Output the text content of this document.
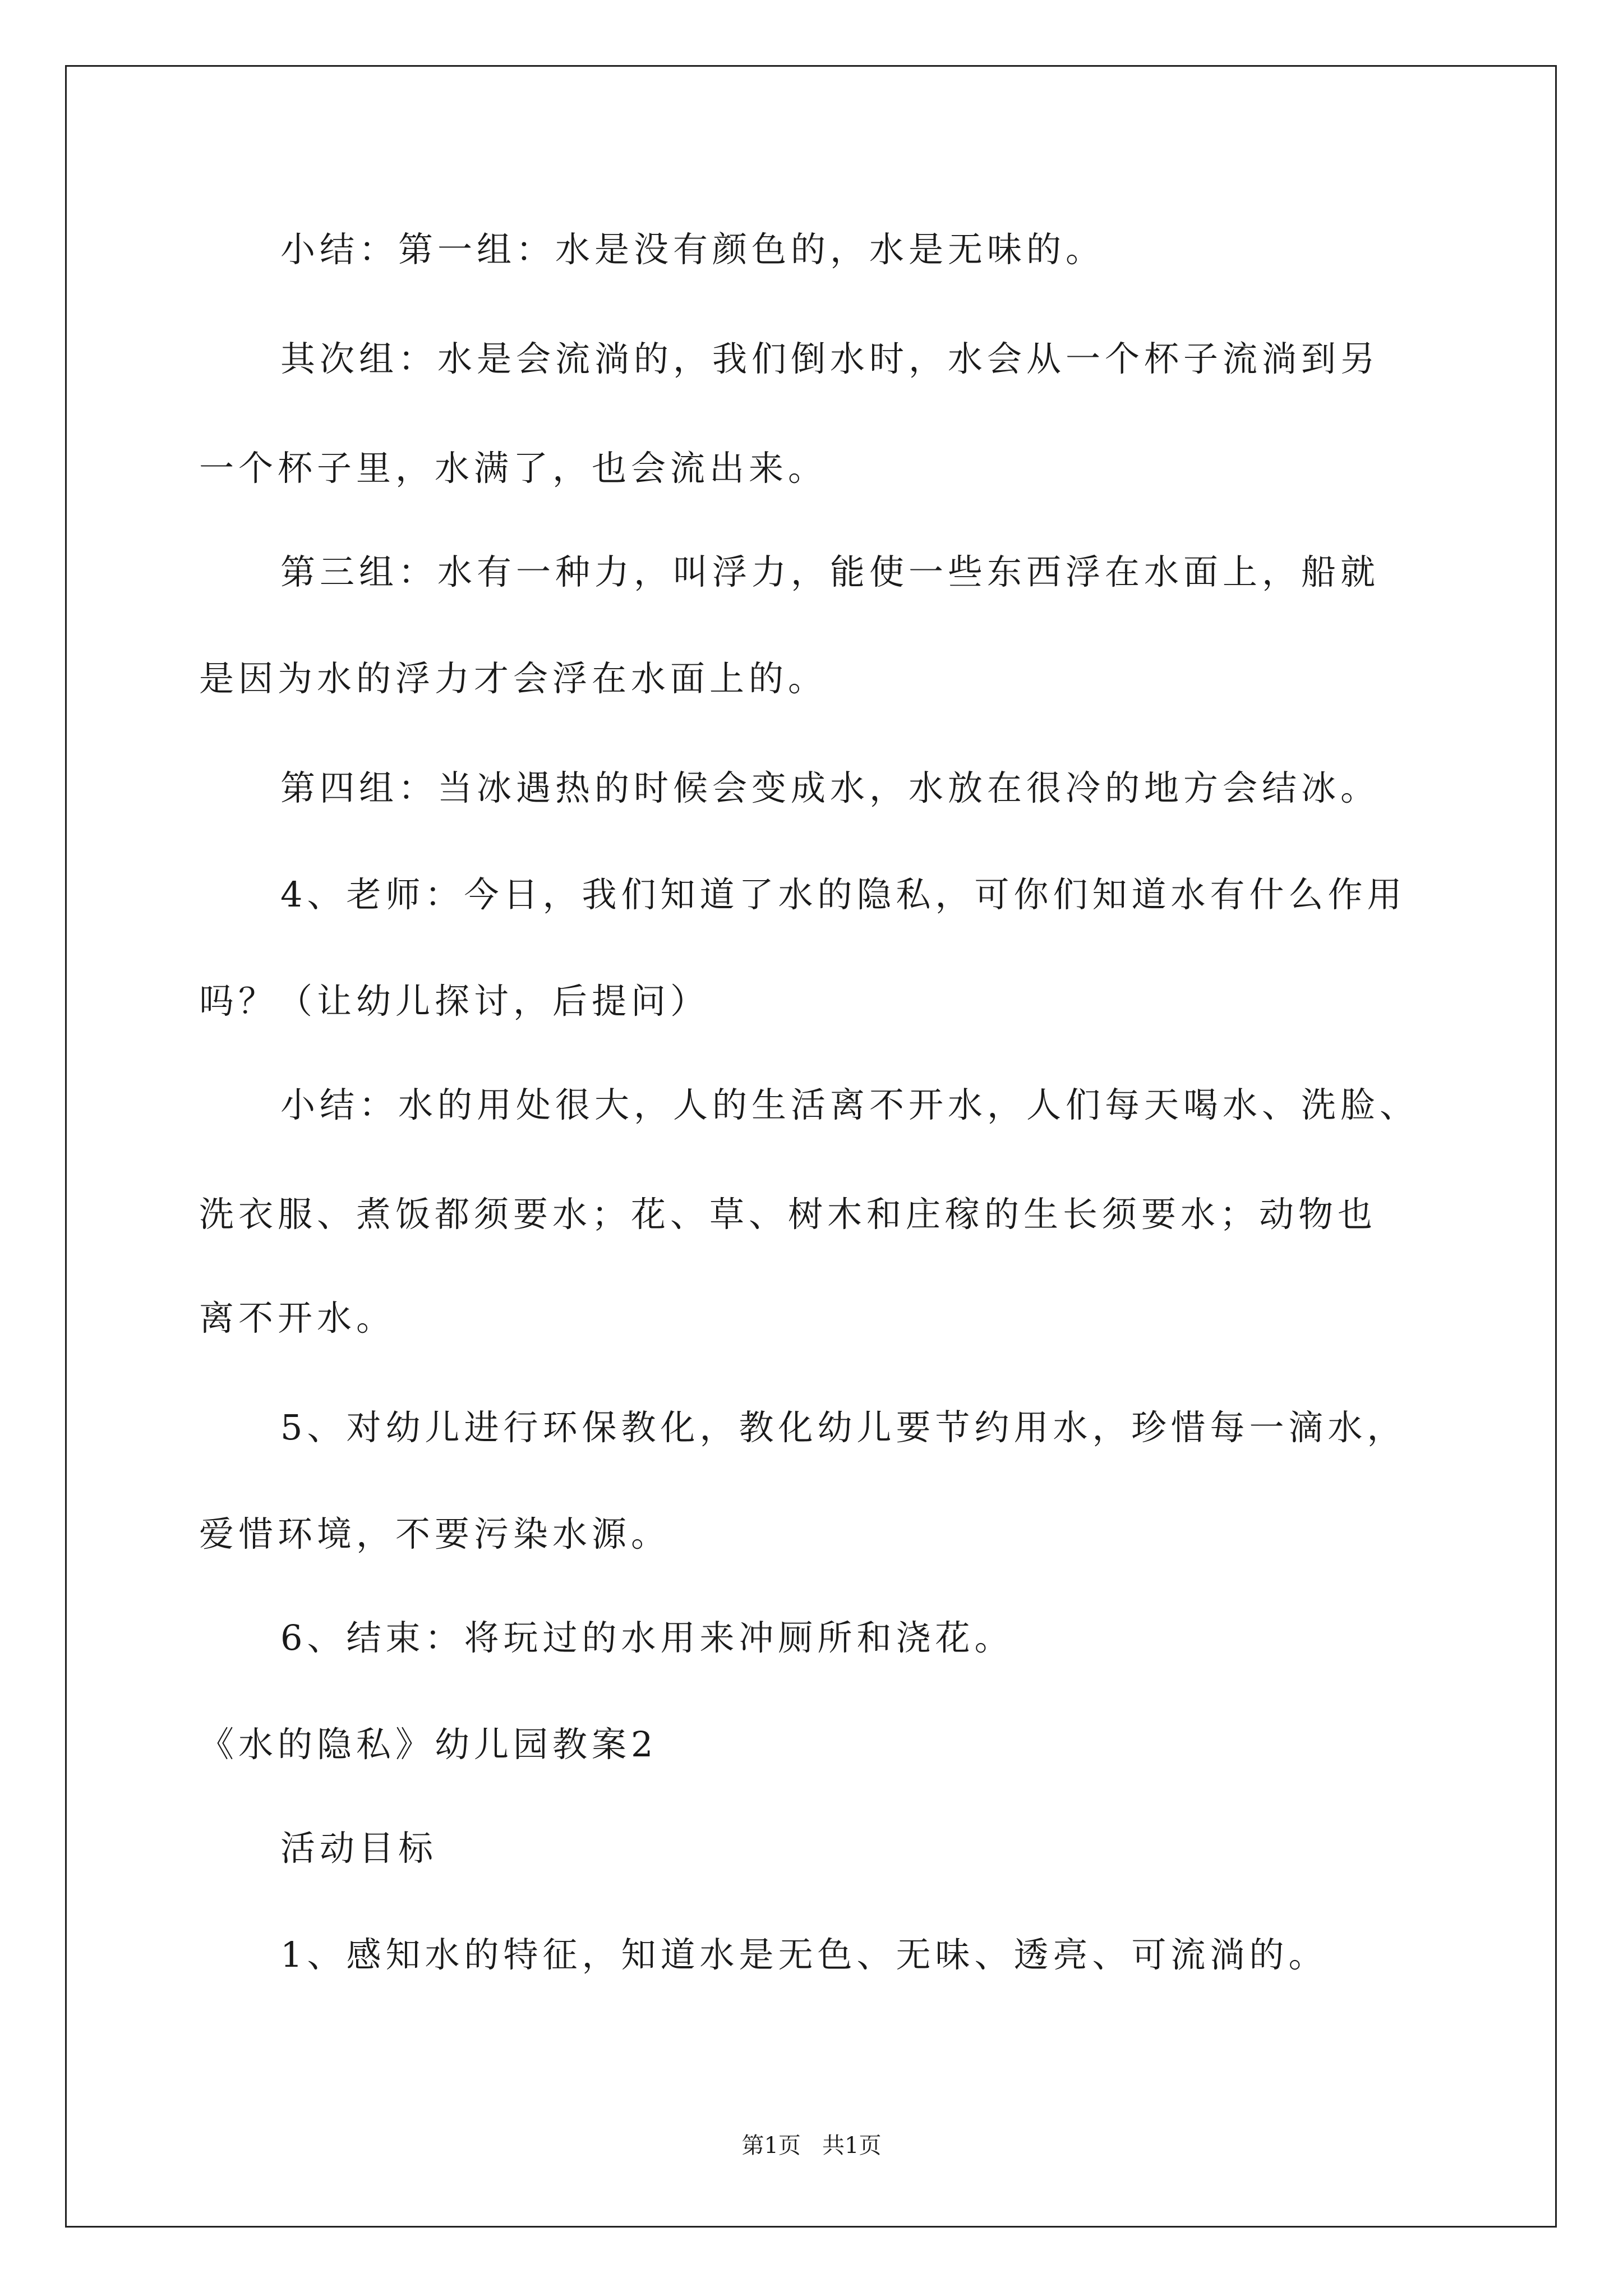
小结：第一组：水是没有颜色的，水是无味的。
其次组：水是会流淌的，我们倒水时，水会从一个杯子流淌到另
一个杯子里，水满了，也会流出来。
第三组：水有一种力，叫浮力，能使一些东西浮在水面上，船就
是因为水的浮力才会浮在水面上的。
第四组：当冰遇热的时候会变成水，水放在很冷的地方会结冰。
4、老师：今日，我们知道了水的隐私，可你们知道水有什么作用
吗？（让幼儿探讨，后提问）
小结：水的用处很大，人的生活离不开水，人们每天喝水、洗脸、
洗衣服、煮饭都须要水；花、草、树木和庄稼的生长须要水；动物也
离不开水。
5、对幼儿进行环保教化，教化幼儿要节约用水，珍惜每一滴水，
爱惜环境，不要污染水源。
6、结束：将玩过的水用来冲厕所和浇花。
《水的隐私》幼儿园教案2
活动目标
1、感知水的特征，知道水是无色、无味、透亮、可流淌的。
第1页   共1页
